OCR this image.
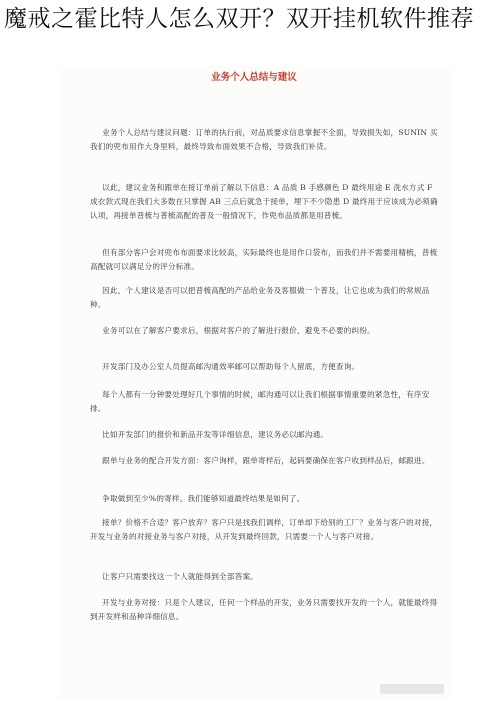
魔戒之霍比特人怎么双开？双开挂机软件推荐
业务个人总结与建议
业务个人总结与建议问题：订单的执行前，对品质要求信息掌握不全面，导致损失如，SUNIN 买我们的兜布用作大身里料，最终导致布面效果不合格，导致我们补货。
以此，建议业务和跟单在接订单前了解以下信息：A 品质 B 手感颜色 D 最终用途 E 洗水方式 F 成衣款式现在我们大多数在只掌握 AB 三点后就急于接单，埋下不少隐患 D 最终用于应该成为必须确认项，再接单普梳与普梳高配的普及一般情况下，作兜布品质都是用普梳。
但有部分客户会对兜布布面要求比较高，实际最终也是用作口袋布，而我们并不需要用精梳，普梳高配就可以满足分的评分标准。
因此，个人建议是否可以把普梳高配的产品给业务及客服做一个普及，让它也成为我们的常规品种。
业务可以在了解客户要求后，根据对客户的了解进行报价，避免不必要的纠纷。
开发部门及办公室人员提高邮沟通效率邮可以帮助每个人留底，方便查询。
每个人都有一分钟要处理好几个事情的时候，邮沟通可以让我们根据事情重要的紧急性，有序安排。
比如开发部门的报价和新品开发等详细信息，建议务必以邮沟通。
跟单与业务的配合开发方面：客户询样，跟单寄样后，起码要确保在客户收到样品后，邮跟进。
争取做到至少%的寄样，我们能够知道最终结果是如何了。
接单？价格不合适？客户放弃？客户只是找我们调样，订单却下给别的工厂？业务与客户的对接，开发与业务的对接业务与客户对接，从开发到最终回款，只需要一个人与客户对接。
让客户只需要找这一个人就能得到全部答案。
开发与业务对接：只是个人建议，任何一个样品的开发，业务只需要找开发的一个人，就能最终得到开发样和品种详细信息。
